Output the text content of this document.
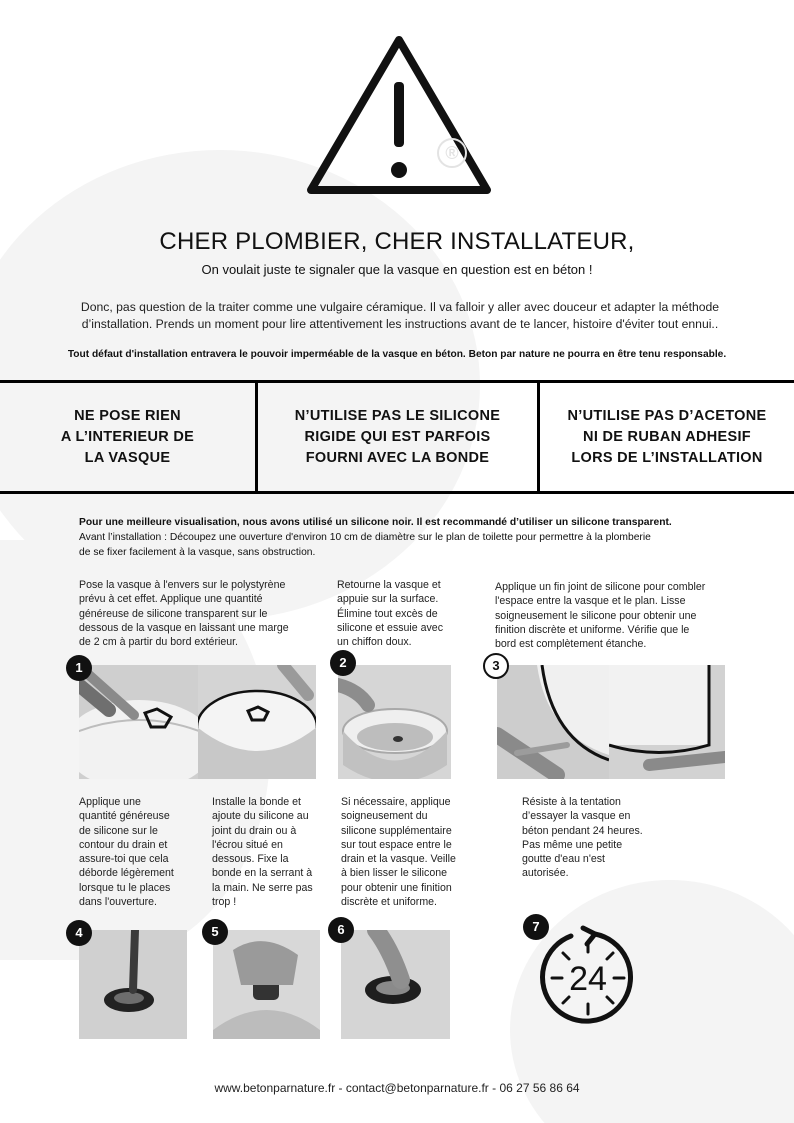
®
CHER PLOMBIER, CHER INSTALLATEUR,
On voulait juste te signaler que la vasque en question est en béton !
Donc, pas question de la traiter comme une vulgaire céramique. Il va falloir y aller avec douceur et adapter la méthode
d’installation. Prends un moment pour lire attentivement les instructions avant de te lancer, histoire d'éviter tout ennui..
Tout défaut d'installation entravera le pouvoir imperméable de la vasque en béton. Beton par nature ne pourra en être tenu responsable.
NE POSE RIEN
A L’INTERIEUR DE
LA VASQUE
N’UTILISE PAS LE SILICONE
RIGIDE QUI EST PARFOIS
FOURNI AVEC LA BONDE
N’UTILISE PAS D’ACETONE
NI DE RUBAN ADHESIF
LORS DE L’INSTALLATION
Pour une meilleure visualisation, nous avons utilisé un silicone noir. Il est recommandé d’utiliser un silicone transparent.
Avant l’installation : Découpez une ouverture d'environ 10 cm de diamètre sur le plan de toilette pour permettre à la plomberie
de se fixer facilement à la vasque, sans obstruction.
Pose la vasque à l'envers sur le polystyrène
prévu à cet effet. Applique une quantité
généreuse de silicone transparent sur le
dessous de la vasque en laissant une marge
de 2 cm à partir du bord extérieur.
Retourne la vasque et
appuie sur la surface.
Élimine tout excès de
silicone et essuie avec
un chiffon doux.
Applique un fin joint de silicone pour combler
l'espace entre la vasque et le plan. Lisse
soigneusement le silicone pour obtenir une
finition discrète et uniforme. Vérifie que le
bord est complètement étanche.
Applique une
quantité généreuse
de silicone sur le
contour du drain et
assure-toi que cela
déborde légèrement
lorsque tu le places
dans l'ouverture.
Installe la bonde et
ajoute du silicone au
joint du drain ou à
l'écrou situé en
dessous. Fixe la
bonde en la serrant à
la main. Ne serre pas
trop !
Si nécessaire, applique
soigneusement du
silicone supplémentaire
sur tout espace entre le
drain et la vasque. Veille
à bien lisser le silicone
pour obtenir une finition
discrète et uniforme.
Résiste à la tentation
d’essayer la vasque en
béton pendant 24 heures.
Pas même une petite
goutte d'eau n'est
autorisée.
1	2	3
4	5	6	7
24
www.betonparnature.fr - contact@betonparnature.fr - 06 27 56 86 64
